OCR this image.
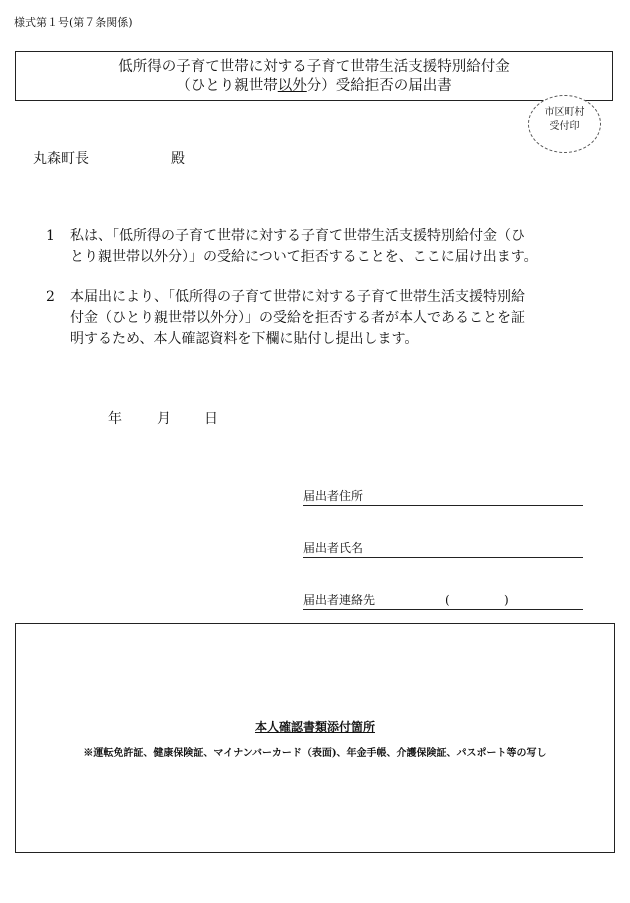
様式第１号(第７条関係)
低所得の子育て世帯に対する子育て世帯生活支援特別給付金
（ひとり親世帯以外分）受給拒否の届出書
市区町村
受付印
丸森町長	殿
1 私は、「低所得の子育て世帯に対する子育て世帯生活支援特別給付金（ひ
とり親世帯以外分）」の受給について拒否することを、ここに届け出ます。
2 本届出により、「低所得の子育て世帯に対する子育て世帯生活支援特別給
付金（ひとり親世帯以外分）」の受給を拒否する者が本人であることを証
明するため、本人確認資料を下欄に貼付し提出します。
年	月 日
届出者住所
届出者氏名
届出者連絡先	(	)
本人確認書類添付箇所
※運転免許証、健康保険証、マイナンバーカード（表面)、年金手帳、介護保険証、パスポート等の写し
